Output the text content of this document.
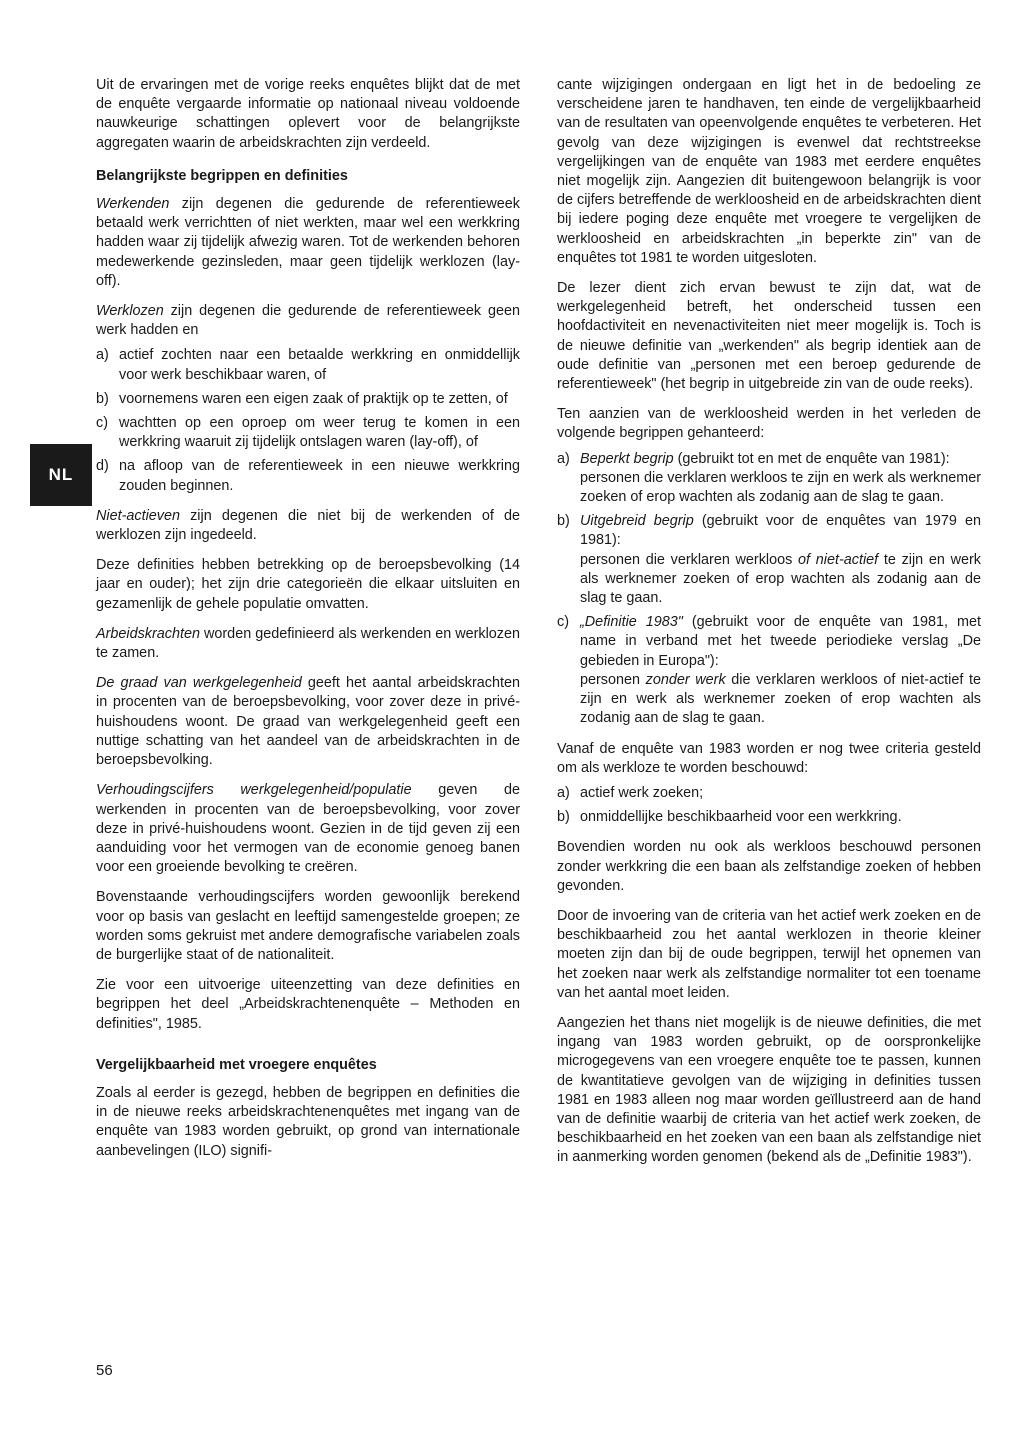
NL

Uit de ervaringen met de vorige reeks enquêtes blijkt dat de met de enquête vergaarde informatie op nationaal niveau voldoende nauwkeurige schattingen oplevert voor de belangrijkste aggregaten waarin de arbeidskrachten zijn verdeeld.

Belangrijkste begrippen en definities

Werkenden zijn degenen die gedurende de referentieweek betaald werk verrichtten of niet werkten, maar wel een werkkring hadden waar zij tijdelijk afwezig waren. Tot de werkenden behoren medewerkende gezinsleden, maar geen tijdelijk werklozen (lay-off).

Werklozen zijn degenen die gedurende de referentieweek geen werk hadden en

a) actief zochten naar een betaalde werkkring en onmiddellijk voor werk beschikbaar waren, of
b) voornemens waren een eigen zaak of praktijk op te zetten, of
c) wachtten op een oproep om weer terug te komen in een werkkring waaruit zij tijdelijk ontslagen waren (lay-off), of
d) na afloop van de referentieweek in een nieuwe werkkring zouden beginnen.

Niet-actieven zijn degenen die niet bij de werkenden of de werklozen zijn ingedeeld.

Deze definities hebben betrekking op de beroepsbevolking (14 jaar en ouder); het zijn drie categorieën die elkaar uitsluiten en gezamenlijk de gehele populatie omvatten.

Arbeidskrachten worden gedefinieerd als werkenden en werklozen te zamen.

De graad van werkgelegenheid geeft het aantal arbeidskrachten in procenten van de beroepsbevolking, voor zover deze in privé-huishoudens woont. De graad van werkgelegenheid geeft een nuttige schatting van het aandeel van de arbeidskrachten in de beroepsbevolking.

Verhoudingscijfers werkgelegenheid/populatie geven de werkenden in procenten van de beroepsbevolking, voor zover deze in privé-huishoudens woont. Gezien in de tijd geven zij een aanduiding voor het vermogen van de economie genoeg banen voor een groeiende bevolking te creëren.

Bovenstaande verhoudingscijfers worden gewoonlijk berekend voor op basis van geslacht en leeftijd samengestelde groepen; ze worden soms gekruist met andere demografische variabelen zoals de burgerlijke staat of de nationaliteit.

Zie voor een uitvoerige uiteenzetting van deze definities en begrippen het deel „Arbeidskrachtenenquête – Methoden en definities", 1985.

Vergelijkbaarheid met vroegere enquêtes

Zoals al eerder is gezegd, hebben de begrippen en definities die in de nieuwe reeks arbeidskrachtenenquêtes met ingang van de enquête van 1983 worden gebruikt, op grond van internationale aanbevelingen (ILO) signifi-

cante wijzigingen ondergaan en ligt het in de bedoeling ze verscheidene jaren te handhaven, ten einde de vergelijkbaarheid van de resultaten van opeenvolgende enquêtes te verbeteren. Het gevolg van deze wijzigingen is evenwel dat rechtstreekse vergelijkingen van de enquête van 1983 met eerdere enquêtes niet mogelijk zijn. Aangezien dit buitengewoon belangrijk is voor de cijfers betreffende de werkloosheid en de arbeidskrachten dient bij iedere poging deze enquête met vroegere te vergelijken de werkloosheid en arbeidskrachten „in beperkte zin" van de enquêtes tot 1981 te worden uitgesloten.

De lezer dient zich ervan bewust te zijn dat, wat de werkgelegenheid betreft, het onderscheid tussen een hoofdactiviteit en nevenactiviteiten niet meer mogelijk is. Toch is de nieuwe definitie van „werkenden" als begrip identiek aan de oude definitie van „personen met een beroep gedurende de referentieweek" (het begrip in uitgebreide zin van de oude reeks).

Ten aanzien van de werkloosheid werden in het verleden de volgende begrippen gehanteerd:

a) Beperkt begrip (gebruikt tot en met de enquête van 1981):
personen die verklaren werkloos te zijn en werk als werknemer zoeken of erop wachten als zodanig aan de slag te gaan.
b) Uitgebreid begrip (gebruikt voor de enquêtes van 1979 en 1981):
personen die verklaren werkloos of niet-actief te zijn en werk als werknemer zoeken of erop wachten als zodanig aan de slag te gaan.
c) „Definitie 1983" (gebruikt voor de enquête van 1981, met name in verband met het tweede periodieke verslag „De gebieden in Europa"):
personen zonder werk die verklaren werkloos of niet-actief te zijn en werk als werknemer zoeken of erop wachten als zodanig aan de slag te gaan.

Vanaf de enquête van 1983 worden er nog twee criteria gesteld om als werkloze te worden beschouwd:

a) actief werk zoeken;
b) onmiddellijke beschikbaarheid voor een werkkring.

Bovendien worden nu ook als werkloos beschouwd personen zonder werkkring die een baan als zelfstandige zoeken of hebben gevonden.

Door de invoering van de criteria van het actief werk zoeken en de beschikbaarheid zou het aantal werklozen in theorie kleiner moeten zijn dan bij de oude begrippen, terwijl het opnemen van het zoeken naar werk als zelfstandige normaliter tot een toename van het aantal moet leiden.

Aangezien het thans niet mogelijk is de nieuwe definities, die met ingang van 1983 worden gebruikt, op de oorspronkelijke microgegevens van een vroegere enquête toe te passen, kunnen de kwantitatieve gevolgen van de wijziging in definities tussen 1981 en 1983 alleen nog maar worden geïllustreerd aan de hand van de definitie waarbij de criteria van het actief werk zoeken, de beschikbaarheid en het zoeken van een baan als zelfstandige niet in aanmerking worden genomen (bekend als de „Definitie 1983").

56
